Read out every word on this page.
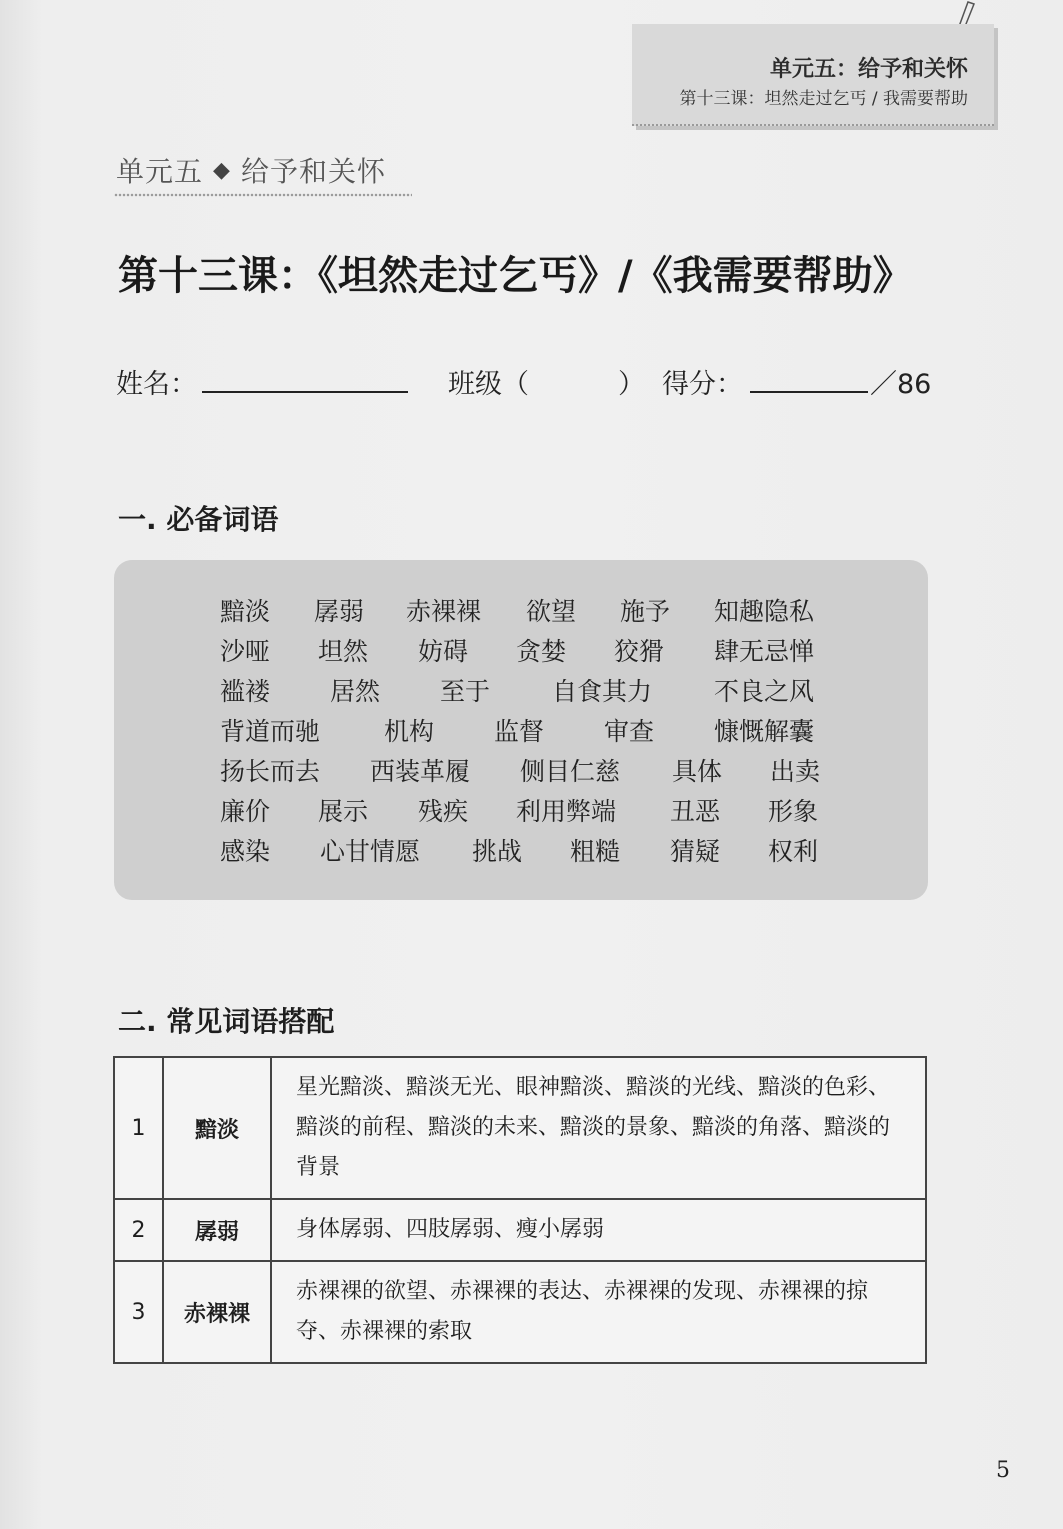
单元五：给予和关怀
第十三课：坦然走过乞丐 / 我需要帮助
单元五 ◆ 给予和关怀
第十三课：《坦然走过乞丐》/《我需要帮助》
姓名：	班级（	） 得分：	／86
一. 必备词语
黯淡 孱弱 赤裸裸 欲望 施予 知趣隐私
沙哑 坦然 妨碍 贪婪 狡猾 肆无忌惮
褴褛 居然 至于 自食其力 不良之风
背道而驰	机构 监督 审查 慷慨解囊
扬长而去 西装革履 侧目仁慈 具体 出卖
廉价 展示 残疾 利用弊端 丑恶 形象
感染 心甘情愿 挑战 粗糙 猜疑 权利
二. 常见词语搭配
1	黯淡	星光黯淡、黯淡无光、眼神黯淡、黯淡的光线、黯淡的色彩、黯淡的前程、黯淡的未来、黯淡的景象、黯淡的角落、黯淡的背景
2	孱弱	身体孱弱、四肢孱弱、瘦小孱弱
3	赤裸裸	赤裸裸的欲望、赤裸裸的表达、赤裸裸的发现、赤裸裸的掠夺、赤裸裸的索取
5
